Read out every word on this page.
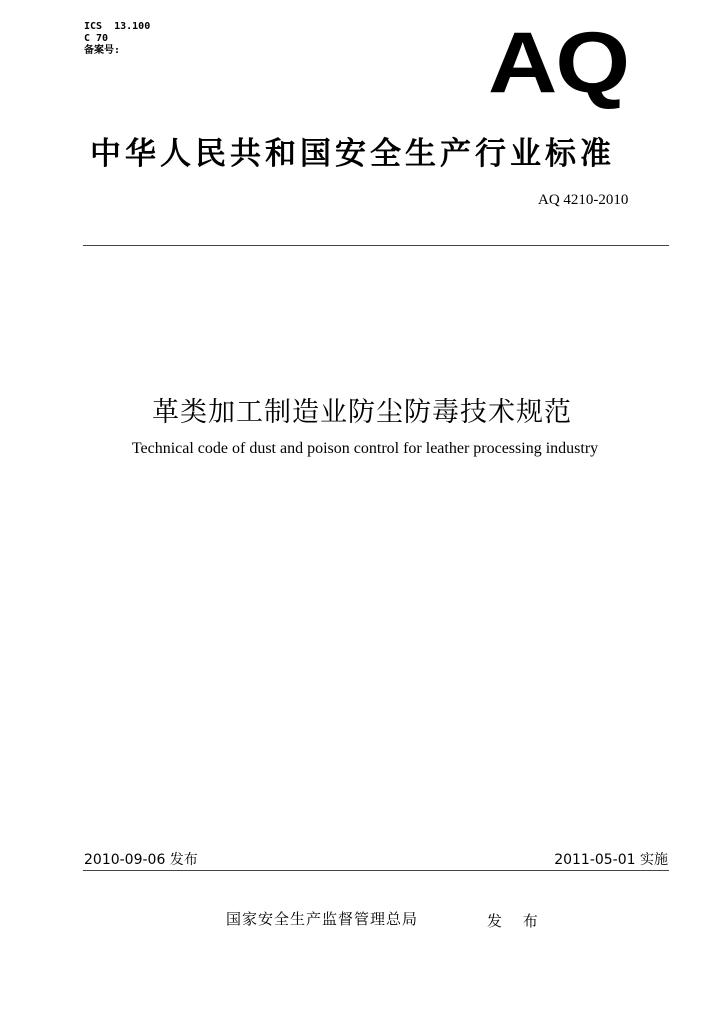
ICS  13.100
C 70
备案号:	AQ
中华人民共和国安全生产行业标准
AQ 4210-2010
革类加工制造业防尘防毒技术规范
Technical code of dust and poison control for leather processing industry
2010-09-06 发布	2011-05-01 实施
国家安全生产监督管理总局	发 布
